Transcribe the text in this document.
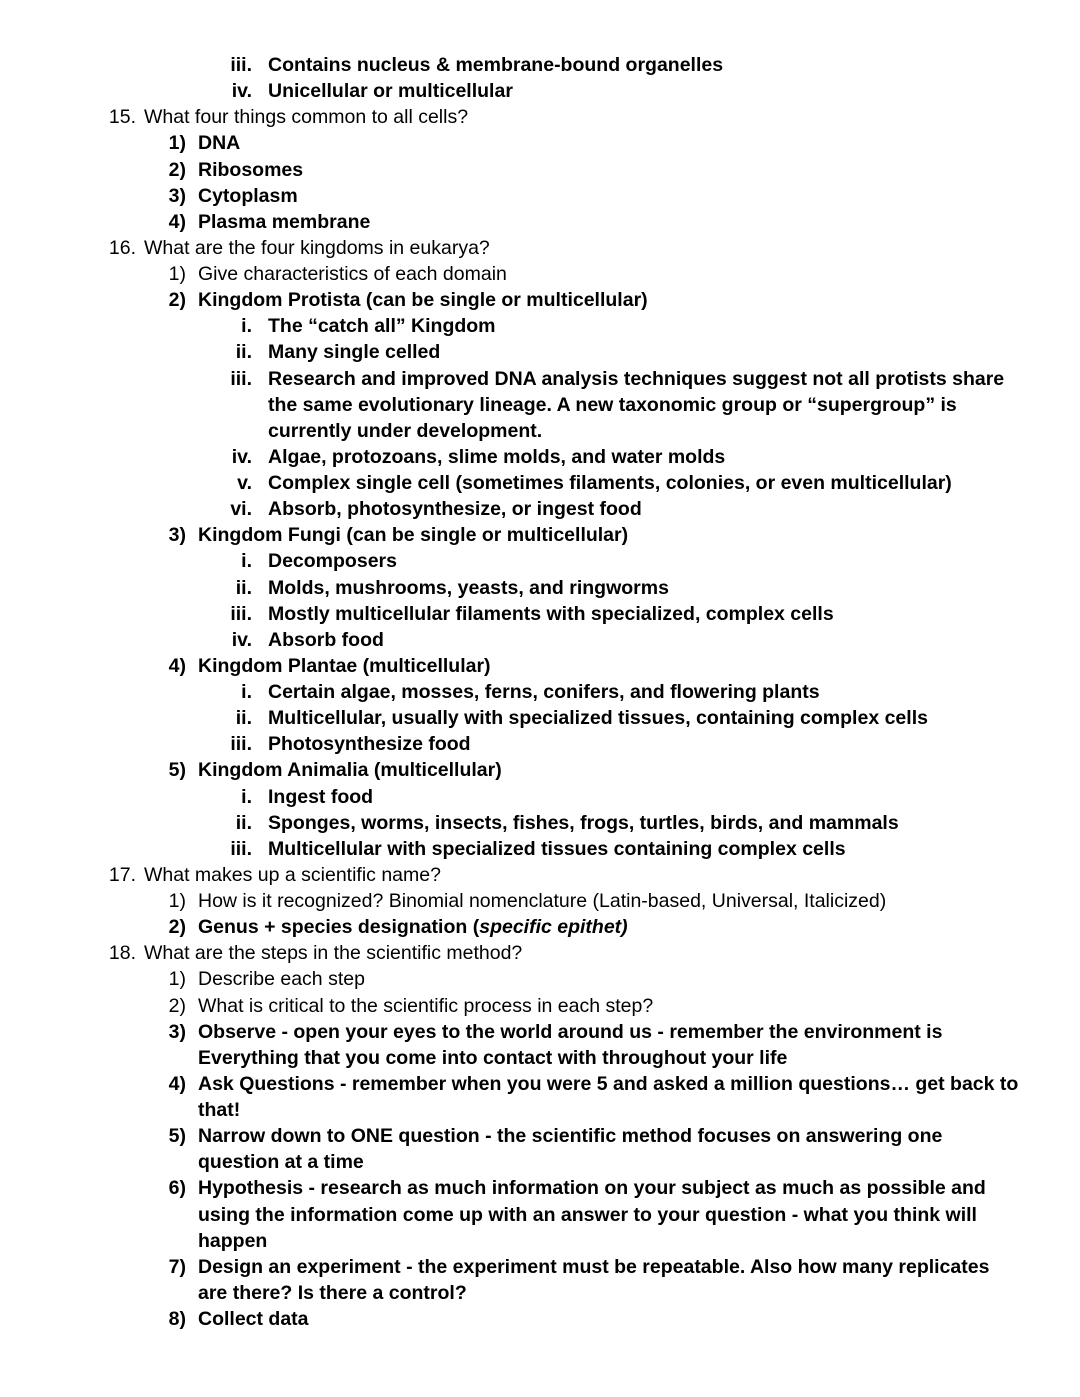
iii. Contains nucleus & membrane-bound organelles
iv. Unicellular or multicellular
15. What four things common to all cells?
1) DNA
2) Ribosomes
3) Cytoplasm
4) Plasma membrane
16. What are the four kingdoms in eukarya?
1) Give characteristics of each domain
2) Kingdom Protista (can be single or multicellular)
i. The “catch all” Kingdom
ii. Many single celled
iii. Research and improved DNA analysis techniques suggest not all protists share the same evolutionary lineage. A new taxonomic group or “supergroup” is currently under development.
iv. Algae, protozoans, slime molds, and water molds
v. Complex single cell (sometimes filaments, colonies, or even multicellular)
vi. Absorb, photosynthesize, or ingest food
3) Kingdom Fungi (can be single or multicellular)
i. Decomposers
ii. Molds, mushrooms, yeasts, and ringworms
iii. Mostly multicellular filaments with specialized, complex cells
iv. Absorb food
4) Kingdom Plantae (multicellular)
i. Certain algae, mosses, ferns, conifers, and flowering plants
ii. Multicellular, usually with specialized tissues, containing complex cells
iii. Photosynthesize food
5) Kingdom Animalia (multicellular)
i. Ingest food
ii. Sponges, worms, insects, fishes, frogs, turtles, birds, and mammals
iii. Multicellular with specialized tissues containing complex cells
17. What makes up a scientific name?
1) How is it recognized? Binomial nomenclature (Latin-based, Universal, Italicized)
2) Genus + species designation (specific epithet)
18. What are the steps in the scientific method?
1) Describe each step
2) What is critical to the scientific process in each step?
3) Observe - open your eyes to the world around us - remember the environment is Everything that you come into contact with throughout your life
4) Ask Questions - remember when you were 5 and asked a million questions… get back to that!
5) Narrow down to ONE question - the scientific method focuses on answering one question at a time
6) Hypothesis - research as much information on your subject as much as possible and using the information come up with an answer to your question - what you think will happen
7) Design an experiment - the experiment must be repeatable. Also how many replicates are there? Is there a control?
8) Collect data
